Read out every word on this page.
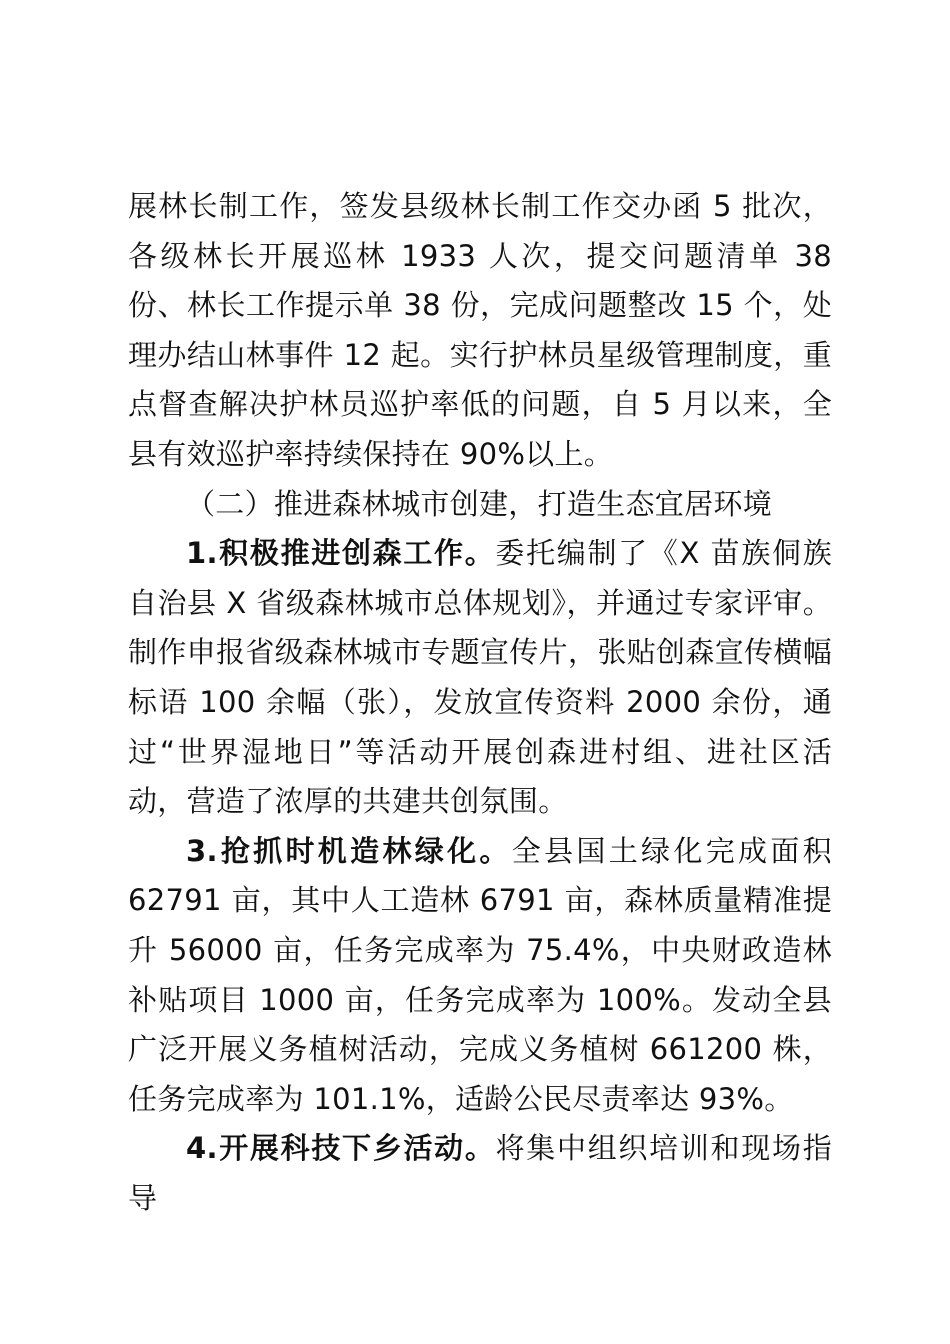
展林长制工作，签发县级林长制工作交办函 5 批次，各级林长开展巡林 1933 人次，提交问题清单 38 份、林长工作提示单 38 份，完成问题整改 15 个，处理办结山林事件 12 起。实行护林员星级管理制度，重点督查解决护林员巡护率低的问题，自 5 月以来，全县有效巡护率持续保持在 90%以上。

（二）推进森林城市创建，打造生态宜居环境

1.积极推进创森工作。委托编制了《X 苗族侗族自治县 X 省级森林城市总体规划》，并通过专家评审。制作申报省级森林城市专题宣传片，张贴创森宣传横幅标语 100 余幅（张），发放宣传资料 2000 余份，通过“世界湿地日”等活动开展创森进村组、进社区活动，营造了浓厚的共建共创氛围。

3.抢抓时机造林绿化。全县国土绿化完成面积 62791 亩，其中人工造林 6791 亩，森林质量精准提升 56000 亩，任务完成率为 75.4%，中央财政造林补贴项目 1000 亩，任务完成率为 100%。发动全县广泛开展义务植树活动，完成义务植树 661200 株，任务完成率为 101.1%，适龄公民尽责率达 93%。

4.开展科技下乡活动。将集中组织培训和现场指导
